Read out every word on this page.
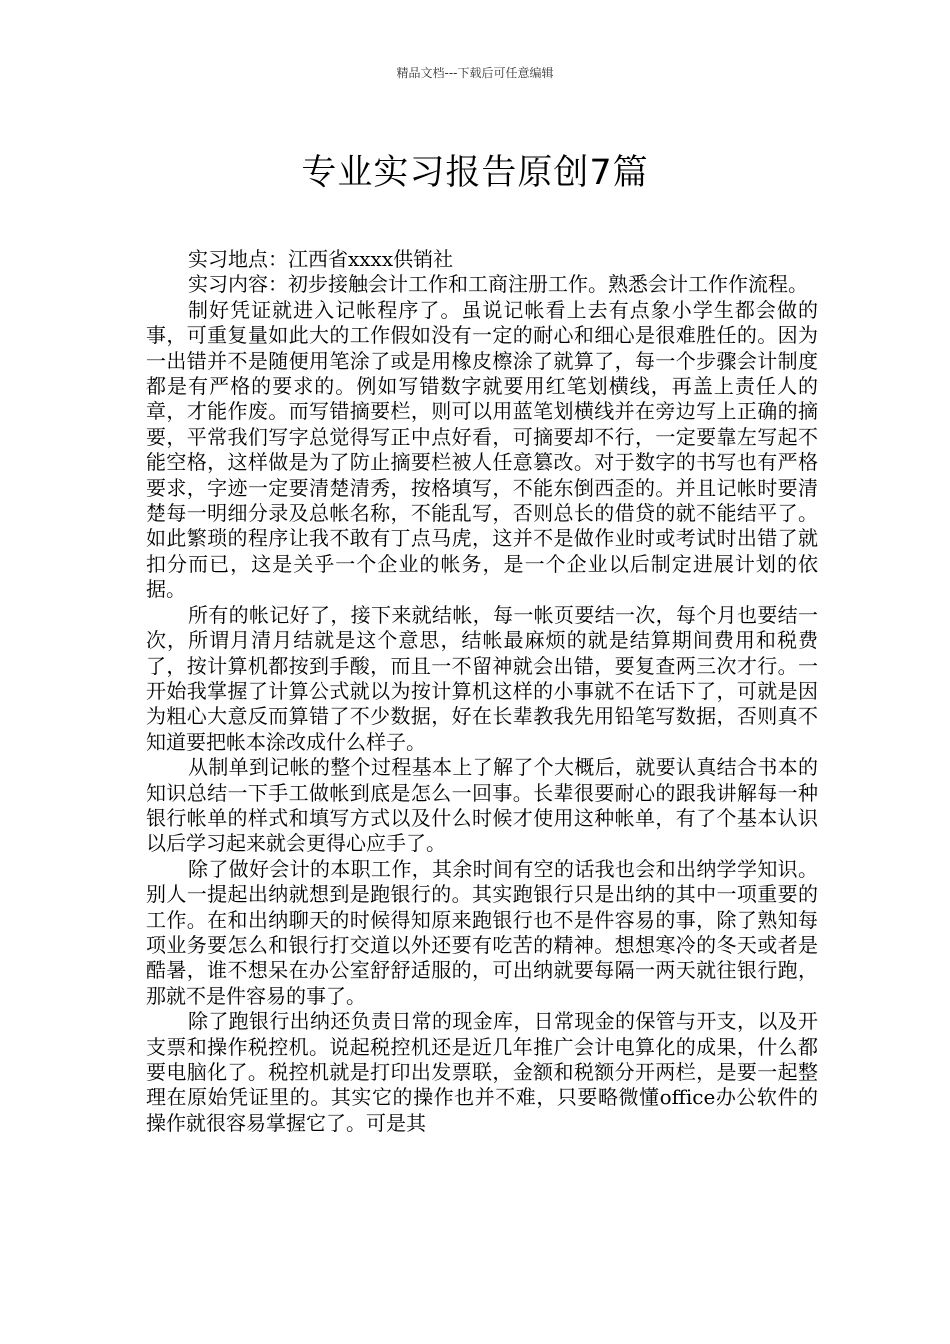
精品文档---下载后可任意编辑
专业实习报告原创7篇

实习地点：江西省xxxx供销社

实习内容：初步接触会计工作和工商注册工作。熟悉会计工作作流程。

制好凭证就进入记帐程序了。虽说记帐看上去有点象小学生都会做的事，可重复量如此大的工作假如没有一定的耐心和细心是很难胜任的。因为一出错并不是随便用笔涂了或是用橡皮檫涂了就算了，每一个步骤会计制度都是有严格的要求的。例如写错数字就要用红笔划横线，再盖上责任人的章，才能作废。而写错摘要栏，则可以用蓝笔划横线并在旁边写上正确的摘要，平常我们写字总觉得写正中点好看，可摘要却不行，一定要靠左写起不能空格，这样做是为了防止摘要栏被人任意篡改。对于数字的书写也有严格要求，字迹一定要清楚清秀，按格填写，不能东倒西歪的。并且记帐时要清楚每一明细分录及总帐名称，不能乱写，否则总长的借贷的就不能结平了。如此繁琐的程序让我不敢有丁点马虎，这并不是做作业时或考试时出错了就扣分而已，这是关乎一个企业的帐务，是一个企业以后制定进展计划的依据。

所有的帐记好了，接下来就结帐，每一帐页要结一次，每个月也要结一次，所谓月清月结就是这个意思，结帐最麻烦的就是结算期间费用和税费了，按计算机都按到手酸，而且一不留神就会出错，要复查两三次才行。一开始我掌握了计算公式就以为按计算机这样的小事就不在话下了，可就是因为粗心大意反而算错了不少数据，好在长辈教我先用铅笔写数据，否则真不知道要把帐本涂改成什么样子。

从制单到记帐的整个过程基本上了解了个大概后，就要认真结合书本的知识总结一下手工做帐到底是怎么一回事。长辈很要耐心的跟我讲解每一种银行帐单的样式和填写方式以及什么时候才使用这种帐单，有了个基本认识以后学习起来就会更得心应手了。

除了做好会计的本职工作，其余时间有空的话我也会和出纳学学知识。别人一提起出纳就想到是跑银行的。其实跑银行只是出纳的其中一项重要的工作。在和出纳聊天的时候得知原来跑银行也不是件容易的事，除了熟知每项业务要怎么和银行打交道以外还要有吃苦的精神。想想寒冷的冬天或者是酷暑，谁不想呆在办公室舒舒适服的，可出纳就要每隔一两天就往银行跑，那就不是件容易的事了。

除了跑银行出纳还负责日常的现金库，日常现金的保管与开支，以及开支票和操作税控机。说起税控机还是近几年推广会计电算化的成果，什么都要电脑化了。税控机就是打印出发票联，金额和税额分开两栏，是要一起整理在原始凭证里的。其实它的操作也并不难，只要略微懂office办公软件的操作就很容易掌握它了。可是其
